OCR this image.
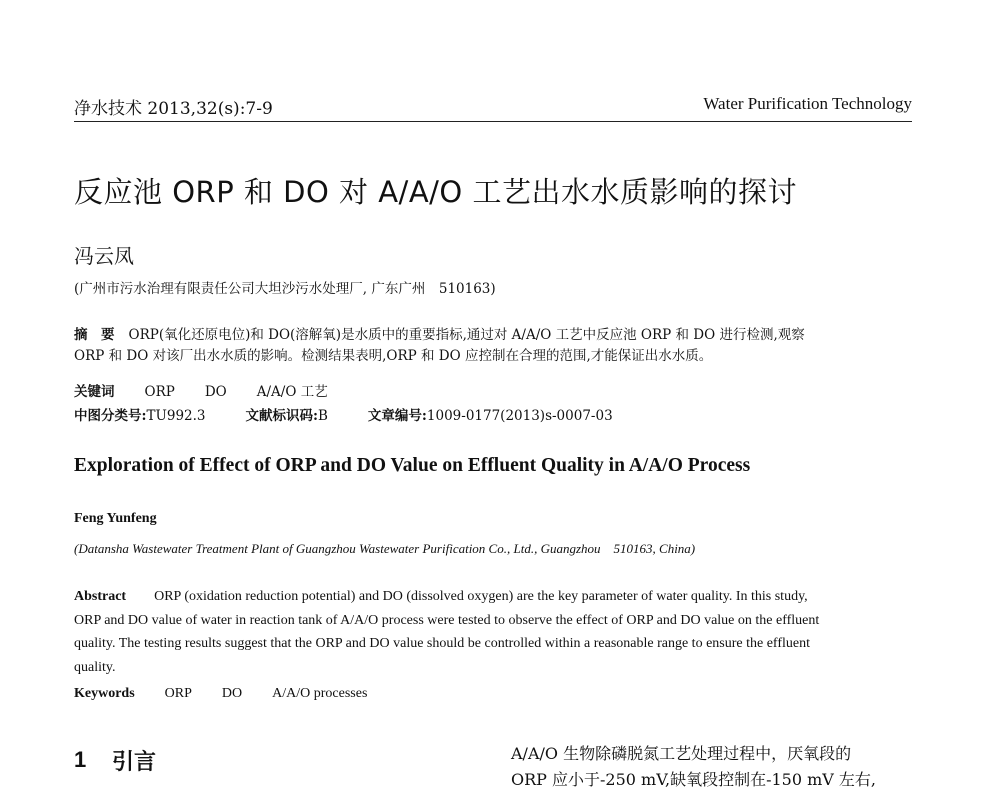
净水技术 2013,32(s):7-9	Water Purification Technology
反应池 ORP 和 DO 对 A/A/O 工艺出水水质影响的探讨
冯云凤
(广州市污水治理有限责任公司大坦沙污水处理厂, 广东广州　510163)
摘　要 ORP(氧化还原电位)和 DO(溶解氧)是水质中的重要指标,通过对 A/A/O 工艺中反应池 ORP 和 DO 进行检测,观察
ORP 和 DO 对该厂出水水质的影响。检测结果表明,ORP 和 DO 应控制在合理的范围,才能保证出水水质。
关键词 ORP DO A/A/O 工艺
中图分类号:TU992.3	文献标识码:B	文章编号:1009-0177(2013)s-0007-03
Exploration of Effect of ORP and DO Value on Effluent Quality in A/A/O Process
Feng Yunfeng
(Datansha Wastewater Treatment Plant of Guangzhou Wastewater Purification Co., Ltd., Guangzhou　510163, China)
Abstract ORP (oxidation reduction potential) and DO (dissolved oxygen) are the key parameter of water quality. In this study,
ORP and DO value of water in reaction tank of A/A/O process were tested to observe the effect of ORP and DO value on the effluent
quality. The testing results suggest that the ORP and DO value should be controlled within a reasonable range to ensure the effluent
quality.
Keywords ORP DO A/A/O processes
1 引言	A/A/O 生物除磷脱氮工艺处理过程中，厌氧段的
ORP 应小于-250 mV,缺氧段控制在-150 mV 左右,
